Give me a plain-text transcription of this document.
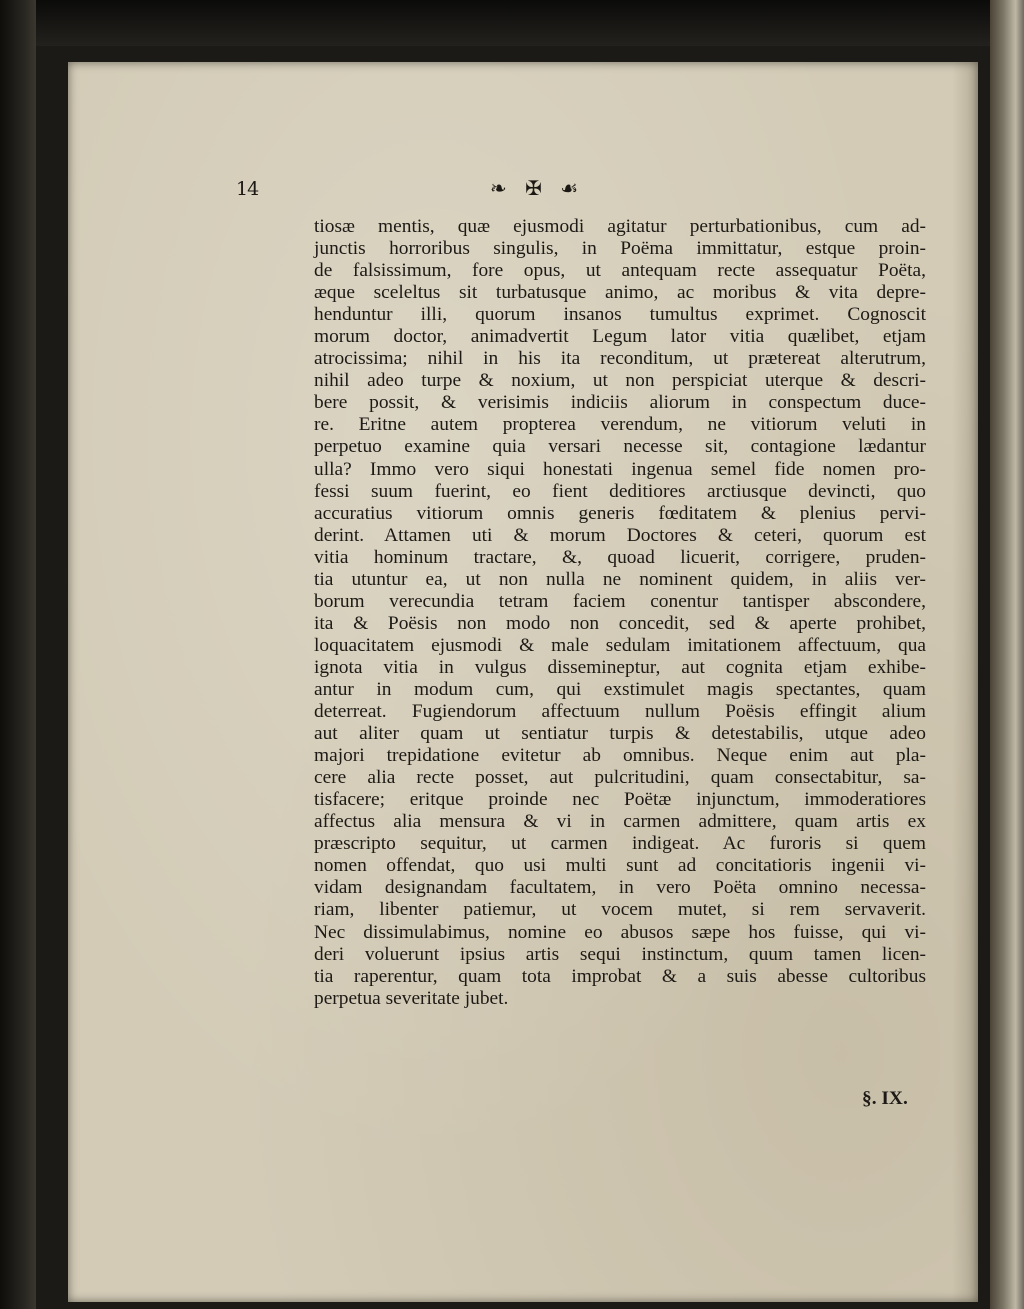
14	❧ ✠ ☙
tiosæ mentis, quæ ejusmodi agitatur perturbationibus, cum ad-
junctis horroribus singulis, in Poëma immittatur, estque proin-
de falsissimum, fore opus, ut antequam recte assequatur Poëta,
æque sceleltus sit turbatusque animo, ac moribus & vita depre-
henduntur illi, quorum insanos tumultus exprimet. Cognoscit
morum doctor, animadvertit Legum lator vitia quælibet, etjam
atrocissima; nihil in his ita reconditum, ut prætereat alterutrum,
nihil adeo turpe & noxium, ut non perspiciat uterque & descri-
bere possit, & verisimis indiciis aliorum in conspectum duce-
re. Eritne autem propterea verendum, ne vitiorum veluti in
perpetuo examine quia versari necesse sit, contagione lædantur
ulla? Immo vero siqui honestati ingenua semel fide nomen pro-
fessi suum fuerint, eo fient deditiores arctiusque devincti, quo
accuratius vitiorum omnis generis fœditatem & plenius pervi-
derint. Attamen uti & morum Doctores & ceteri, quorum est
vitia hominum tractare, &, quoad licuerit, corrigere, pruden-
tia utuntur ea, ut non nulla ne nominent quidem, in aliis ver-
borum verecundia tetram faciem conentur tantisper abscondere,
ita & Poësis non modo non concedit, sed & aperte prohibet,
loquacitatem ejusmodi & male sedulam imitationem affectuum, qua
ignota vitia in vulgus dissemineptur, aut cognita etjam exhibe-
antur in modum cum, qui exstimulet magis spectantes, quam
deterreat. Fugiendorum affectuum nullum Poësis effingit alium
aut aliter quam ut sentiatur turpis & detestabilis, utque adeo
majori trepidatione evitetur ab omnibus. Neque enim aut pla-
cere alia recte posset, aut pulcritudini, quam consectabitur, sa-
tisfacere; eritque proinde nec Poëtæ injunctum, immoderatiores
affectus alia mensura & vi in carmen admittere, quam artis ex
præscripto sequitur, ut carmen indigeat. Ac furoris si quem
nomen offendat, quo usi multi sunt ad concitatioris ingenii vi-
vidam designandam facultatem, in vero Poëta omnino necessa-
riam, libenter patiemur, ut vocem mutet, si rem servaverit.
Nec dissimulabimus, nomine eo abusos sæpe hos fuisse, qui vi-
deri voluerunt ipsius artis sequi instinctum, quum tamen licen-
tia raperentur, quam tota improbat & a suis abesse cultoribus
perpetua severitate jubet.
§. IX.
